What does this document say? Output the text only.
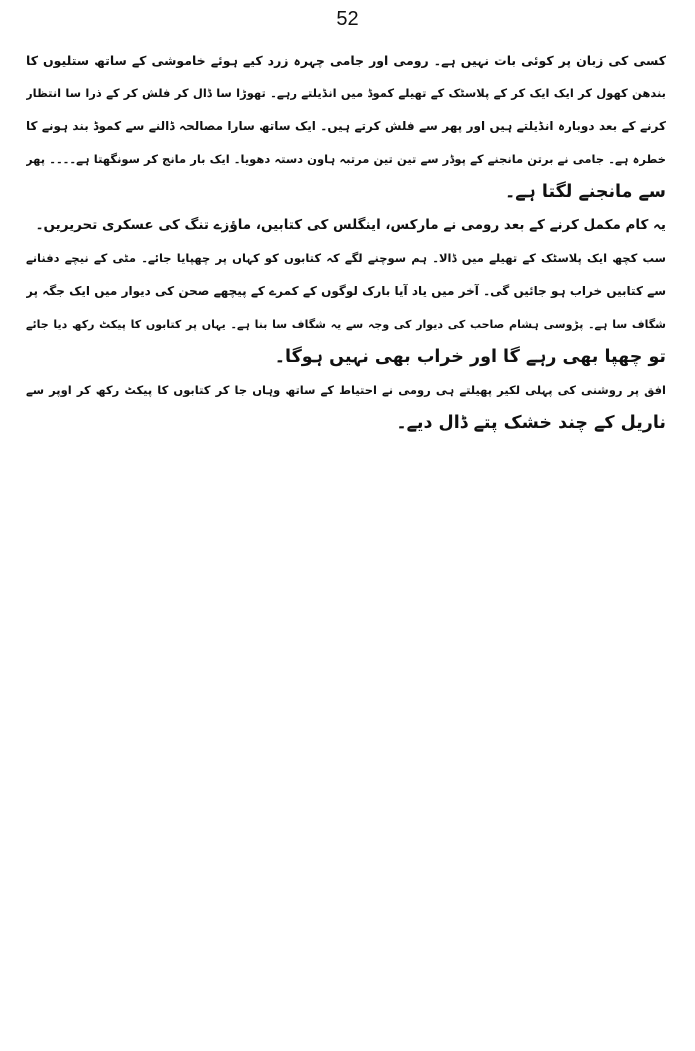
52
کسی کی زبان پر کوئی بات نہیں ہے۔ رومی اور جامی چہرہ زرد کیے ہوئے خاموشی کے ساتھ ستلیوں کا
بندھن کھول کر ایک ایک کر کے پلاسٹک کے تھیلے کموڈ میں انڈیلتے رہے۔ تھوڑا سا ڈال کر فلش کر کے ذرا سا انتظار
کرنے کے بعد دوبارہ انڈیلتے ہیں اور پھر سے فلش کرتے ہیں۔ ایک ساتھ سارا مصالحہ ڈالنے سے کموڈ بند ہونے کا
خطرہ ہے۔ جامی نے برتن مانجنے کے پوڈر سے تین تین مرتبہ ہاون دستہ دھویا۔ ایک بار مانج کر سونگھتا ہے۔۔۔۔ پھر
سے مانجنے لگتا ہے۔
یہ کام مکمل کرنے کے بعد رومی نے مارکس، اینگلس کی کتابیں، ماؤزے تنگ کی عسکری تحریریں۔
سب کچھ ایک پلاسٹک کے تھیلے میں ڈالا۔ ہم سوچنے لگے کہ کتابوں کو کہاں پر چھپایا جائے۔ مٹی کے نیچے دفنانے
سے کتابیں خراب ہو جائیں گی۔ آخر میں یاد آیا بارک لوگوں کے کمرے کے پیچھے صحن کی دیوار میں ایک جگہ پر
شگاف سا ہے۔ پڑوسی ہشام صاحب کی دیوار کی وجہ سے یہ شگاف سا بنا ہے۔ یہاں پر کتابوں کا پیکٹ رکھ دیا جائے
تو چھپا بھی رہے گا اور خراب بھی نہیں ہوگا۔
افق پر روشنی کی پہلی لکیر پھیلتے ہی رومی نے احتیاط کے ساتھ وہاں جا کر کتابوں کا پیکٹ رکھ کر اوپر سے
ناریل کے چند خشک پتے ڈال دیے۔
